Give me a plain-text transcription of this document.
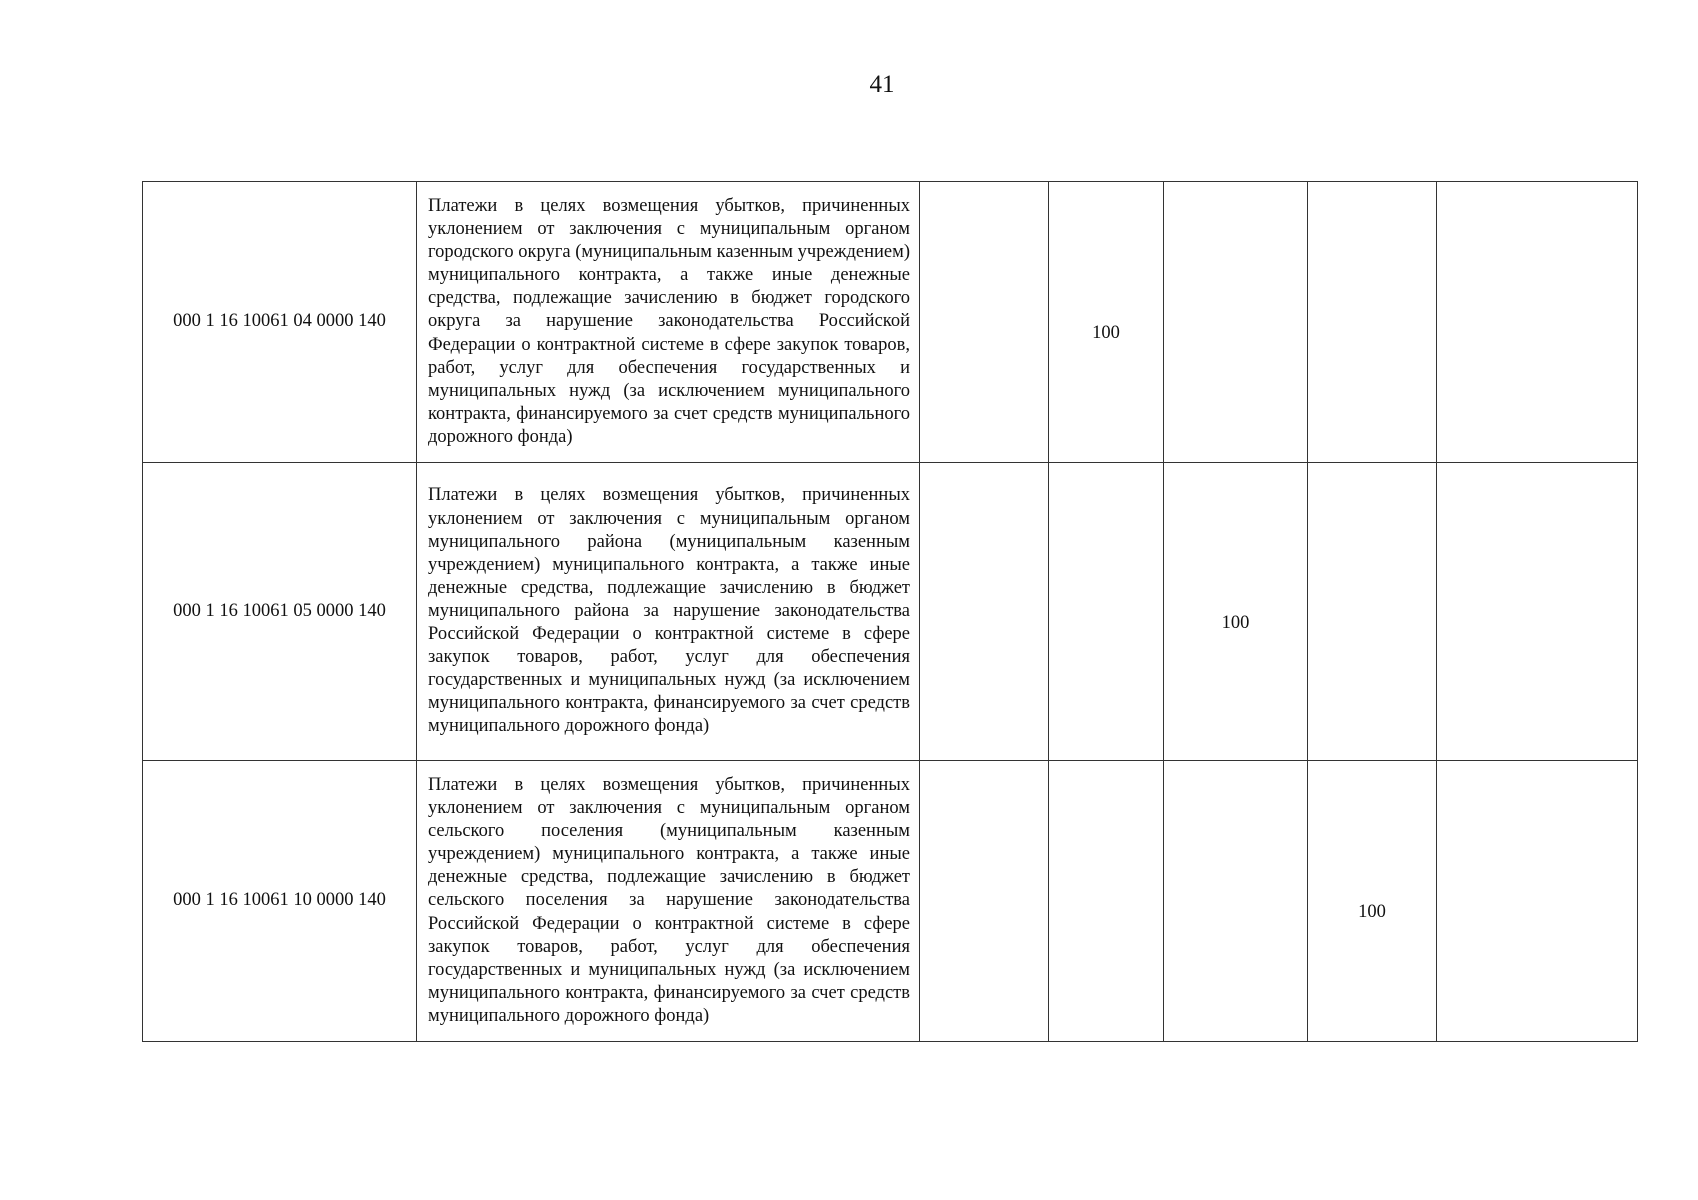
41
000 1 16 10061 04 0000 140	Платежи в целях возмещения убытков, причиненных уклонением от заключения с муниципальным органом городского округа (муниципальным казенным учреждением) муниципального контракта, а также иные денежные средства, подлежащие зачислению в бюджет городского округа за нарушение законодательства Российской Федерации о контрактной системе в сфере закупок товаров, работ, услуг для обеспечения государственных и муниципальных нужд (за исключением муниципального контракта, финансируемого за счет средств муниципального дорожного фонда)		100			
000 1 16 10061 05 0000 140	Платежи в целях возмещения убытков, причиненных уклонением от заключения с муниципальным органом муниципального района (муниципальным казенным учреждением) муниципального контракта, а также иные денежные средства, подлежащие зачислению в бюджет муниципального района за нарушение законодательства Российской Федерации о контрактной системе в сфере закупок товаров, работ, услуг для обеспечения государственных и муниципальных нужд (за исключением муниципального контракта, финансируемого за счет средств муниципального дорожного фонда)			100		
000 1 16 10061 10 0000 140	Платежи в целях возмещения убытков, причиненных уклонением от заключения с муниципальным органом сельского поселения (муниципальным казенным учреждением) муниципального контракта, а также иные денежные средства, подлежащие зачислению в бюджет сельского поселения за нарушение законодательства Российской Федерации о контрактной системе в сфере закупок товаров, работ, услуг для обеспечения государственных и муниципальных нужд (за исключением муниципального контракта, финансируемого за счет средств муниципального дорожного фонда)				100	
